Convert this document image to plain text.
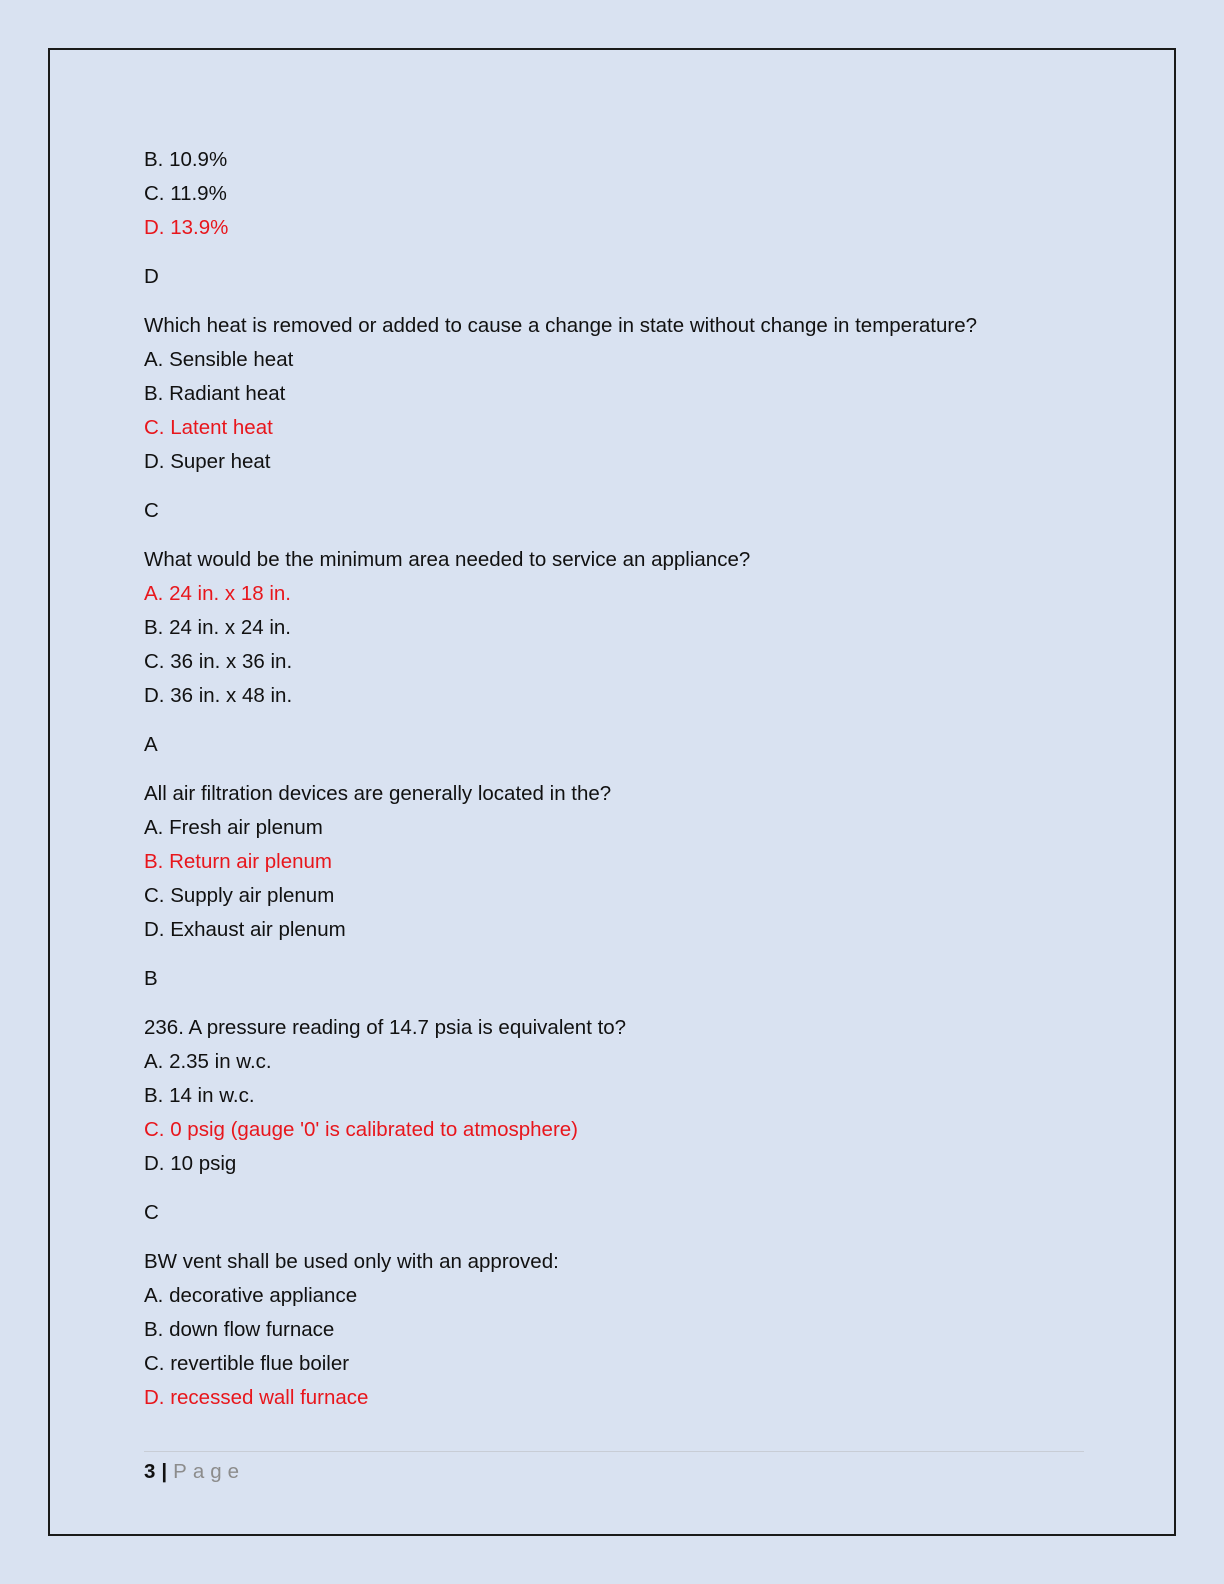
B. 10.9%
C. 11.9%
D. 13.9%
D
Which heat is removed or added to cause a change in state without change in temperature?
A. Sensible heat
B. Radiant heat
C. Latent heat
D. Super heat
C
What would be the minimum area needed to service an appliance?
A. 24 in. x 18 in.
B. 24 in. x 24 in.
C. 36 in. x 36 in.
D. 36 in. x 48 in.
A
All air filtration devices are generally located in the?
A. Fresh air plenum
B. Return air plenum
C. Supply air plenum
D. Exhaust air plenum
B
236. A pressure reading of 14.7 psia is equivalent to?
A. 2.35 in w.c.
B. 14 in w.c.
C. 0 psig (gauge '0' is calibrated to atmosphere)
D. 10 psig
C
BW vent shall be used only with an approved:
A. decorative appliance
B. down flow furnace
C. revertible flue boiler
D. recessed wall furnace
3 | Page
